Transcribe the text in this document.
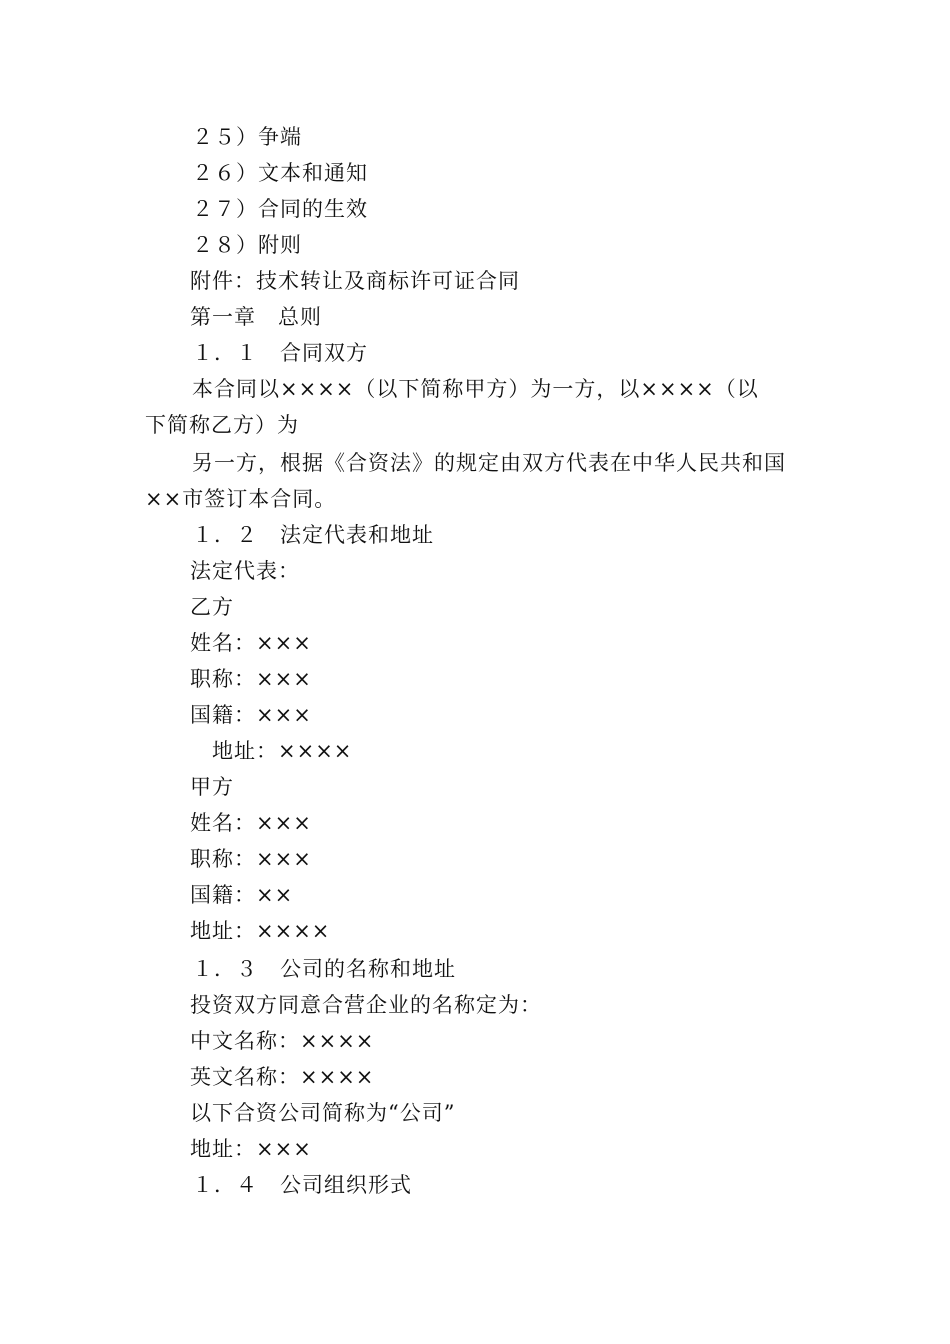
２５）争端
２６）文本和通知
２７）合同的生效
２８）附则
附件：技术转让及商标许可证合同
第一章　总则
１．１　合同双方
本合同以××××（以下简称甲方）为一方，以××××（以
下简称乙方）为
另一方，根据《合资法》的规定由双方代表在中华人民共和国
××市签订本合同。
１．２　法定代表和地址
法定代表：
乙方
姓名：×××
职称：×××
国籍：×××
地址：××××
甲方
姓名：×××
职称：×××
国籍：××
地址：××××
１．３　公司的名称和地址
投资双方同意合营企业的名称定为：
中文名称：××××
英文名称：××××
以下合资公司简称为“公司”
地址：×××
１．４　公司组织形式
